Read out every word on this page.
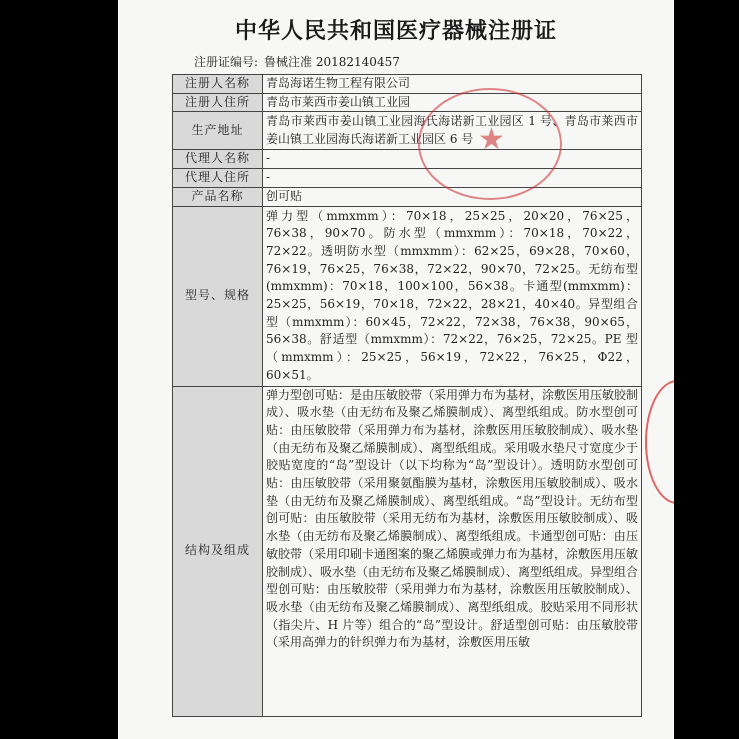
中华人民共和国医疗器械注册证
注册证编号: 鲁械注准 20182140457
注册人名称	青岛海诺生物工程有限公司
注册人住所	青岛市莱西市姜山镇工业园
生产地址	青岛市莱西市姜山镇工业园海氏海诺新工业园区 1 号、青岛市莱西市姜山镇工业园海氏海诺新工业园区 6 号
代理人名称	-
代理人住所	-
产品名称	创可贴
型号、规格	弹力型（mmxmm）：70×18，25×25，20×20，76×25，76×38，90×70。防水型（mmxmm）：70×18，70×22，72×22。透明防水型（mmxmm）：62×25，69×28，70×60，76×19，76×25，76×38，72×22，90×70，72×25。无纺布型(mmxmm)：70×18，100×100，56×38。卡通型(mmxmm)：25×25，56×19，70×18，72×22，28×21，40×40。异型组合型（mmxmm）：60×45，72×22，72×38，76×38，90×65，56×38。舒适型（mmxmm）：72×22，76×25，72×25。PE 型（mmxmm）：25×25，56×19，72×22，76×25，Φ22，60×51。
结构及组成	弹力型创可贴：是由压敏胶带（采用弹力布为基材，涂敷医用压敏胶制成）、吸水垫（由无纺布及聚乙烯膜制成）、离型纸组成。防水型创可贴：由压敏胶带（采用弹力布为基材，涂敷医用压敏胶制成）、吸水垫（由无纺布及聚乙烯膜制成）、离型纸组成。采用吸水垫尺寸宽度少于胶贴宽度的“岛”型设计（以下均称为“岛”型设计）。透明防水型创可贴：由压敏胶带（采用聚氨酯膜为基材，涂敷医用压敏胶制成）、吸水垫（由无纺布及聚乙烯膜制成）、离型纸组成。“岛”型设计。无纺布型创可贴：由压敏胶带（采用无纺布为基材，涂敷医用压敏胶制成）、吸水垫（由无纺布及聚乙烯膜制成）、离型纸组成。卡通型创可贴：由压敏胶带（采用印刷卡通图案的聚乙烯膜或弹力布为基材，涂敷医用压敏胶制成）、吸水垫（由无纺布及聚乙烯膜制成）、离型纸组成。异型组合型创可贴：由压敏胶带（采用弹力布为基材，涂敷医用压敏胶制成）、吸水垫（由无纺布及聚乙烯膜制成）、离型纸组成。胶贴采用不同形状（指尖片、H 片等）组合的“岛”型设计。舒适型创可贴：由压敏胶带（采用高弹力的针织弹力布为基材，涂敷医用压敏
★
